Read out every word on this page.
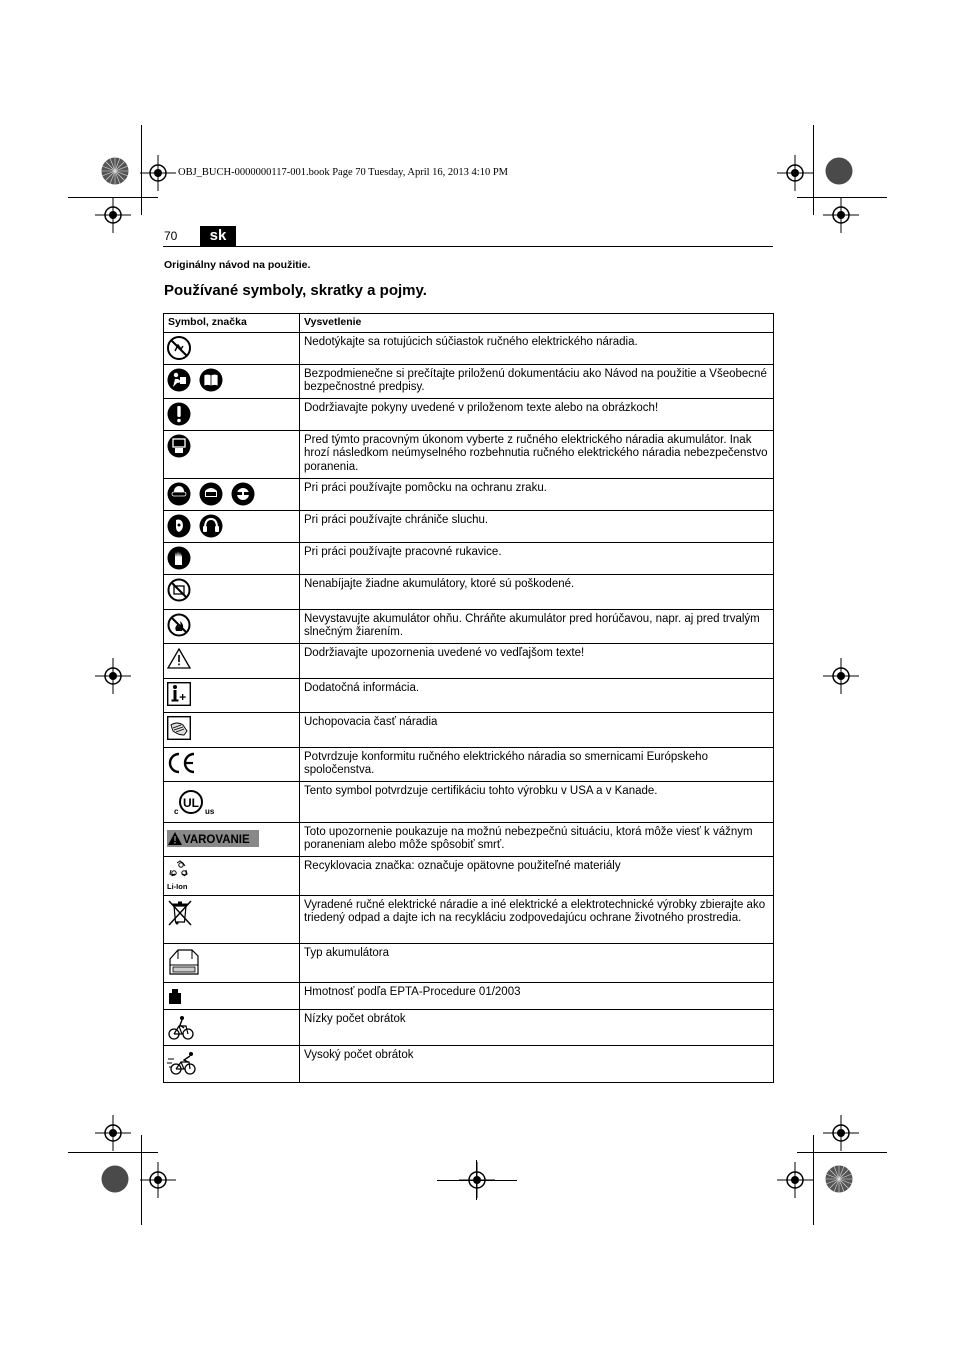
OBJ_BUCH-0000000117-001.book Page 70 Tuesday, April 16, 2013 4:10 PM
70	sk
Originálny návod na použitie.
Používané symboly, skratky a pojmy.
Symbol, značka	Vysvetlenie
	Nedotýkajte sa rotujúcich súčiastok ručného elektrického náradia.
	Bezpodmienečne si prečítajte priloženú dokumentáciu ako Návod na použitie a Všeobecné bezpečnostné predpisy.
	Dodržiavajte pokyny uvedené v priloženom texte alebo na obrázkoch!
	Pred týmto pracovným úkonom vyberte z ručného elektrického náradia akumulátor. Inak hrozí následkom neúmyselného rozbehnutia ručného elektrického náradia nebezpečenstvo poranenia.
	Pri práci používajte pomôcku na ochranu zraku.
	Pri práci používajte chrániče sluchu.
	Pri práci používajte pracovné rukavice.
	Nenabíjajte žiadne akumulátory, ktoré sú poškodené.
	Nevystavujte akumulátor ohňu. Chráňte akumulátor pred horúčavou, napr. aj pred trvalým slnečným žiarením.
	Dodržiavajte upozornenia uvedené vo vedľajšom texte!
	Dodatočná informácia.
	Uchopovacia časť náradia
	Potvrdzuje konformitu ručného elektrického náradia so smernicami Európskeho spoločenstva.

UL
c us	Tento symbol potvrdzuje certifikáciu tohto výrobku v USA a v Kanade.

VAROVANIE	Toto upozornenie poukazuje na možnú nebezpečnú situáciu, ktorá môže viesť k vážnym poraneniam alebo môže spôsobiť smrť.

Li-Ion	Recyklovacia značka: označuje opätovne použiteľné materiály
	Vyradené ručné elektrické náradie a iné elektrické a elektrotechnické výrobky zbierajte ako triedený odpad a dajte ich na recykláciu zodpovedajúcu ochrane životného prostredia.
	Typ akumulátora
	Hmotnosť podľa EPTA-Procedure 01/2003
	Nízky počet obrátok
	Vysoký počet obrátok
